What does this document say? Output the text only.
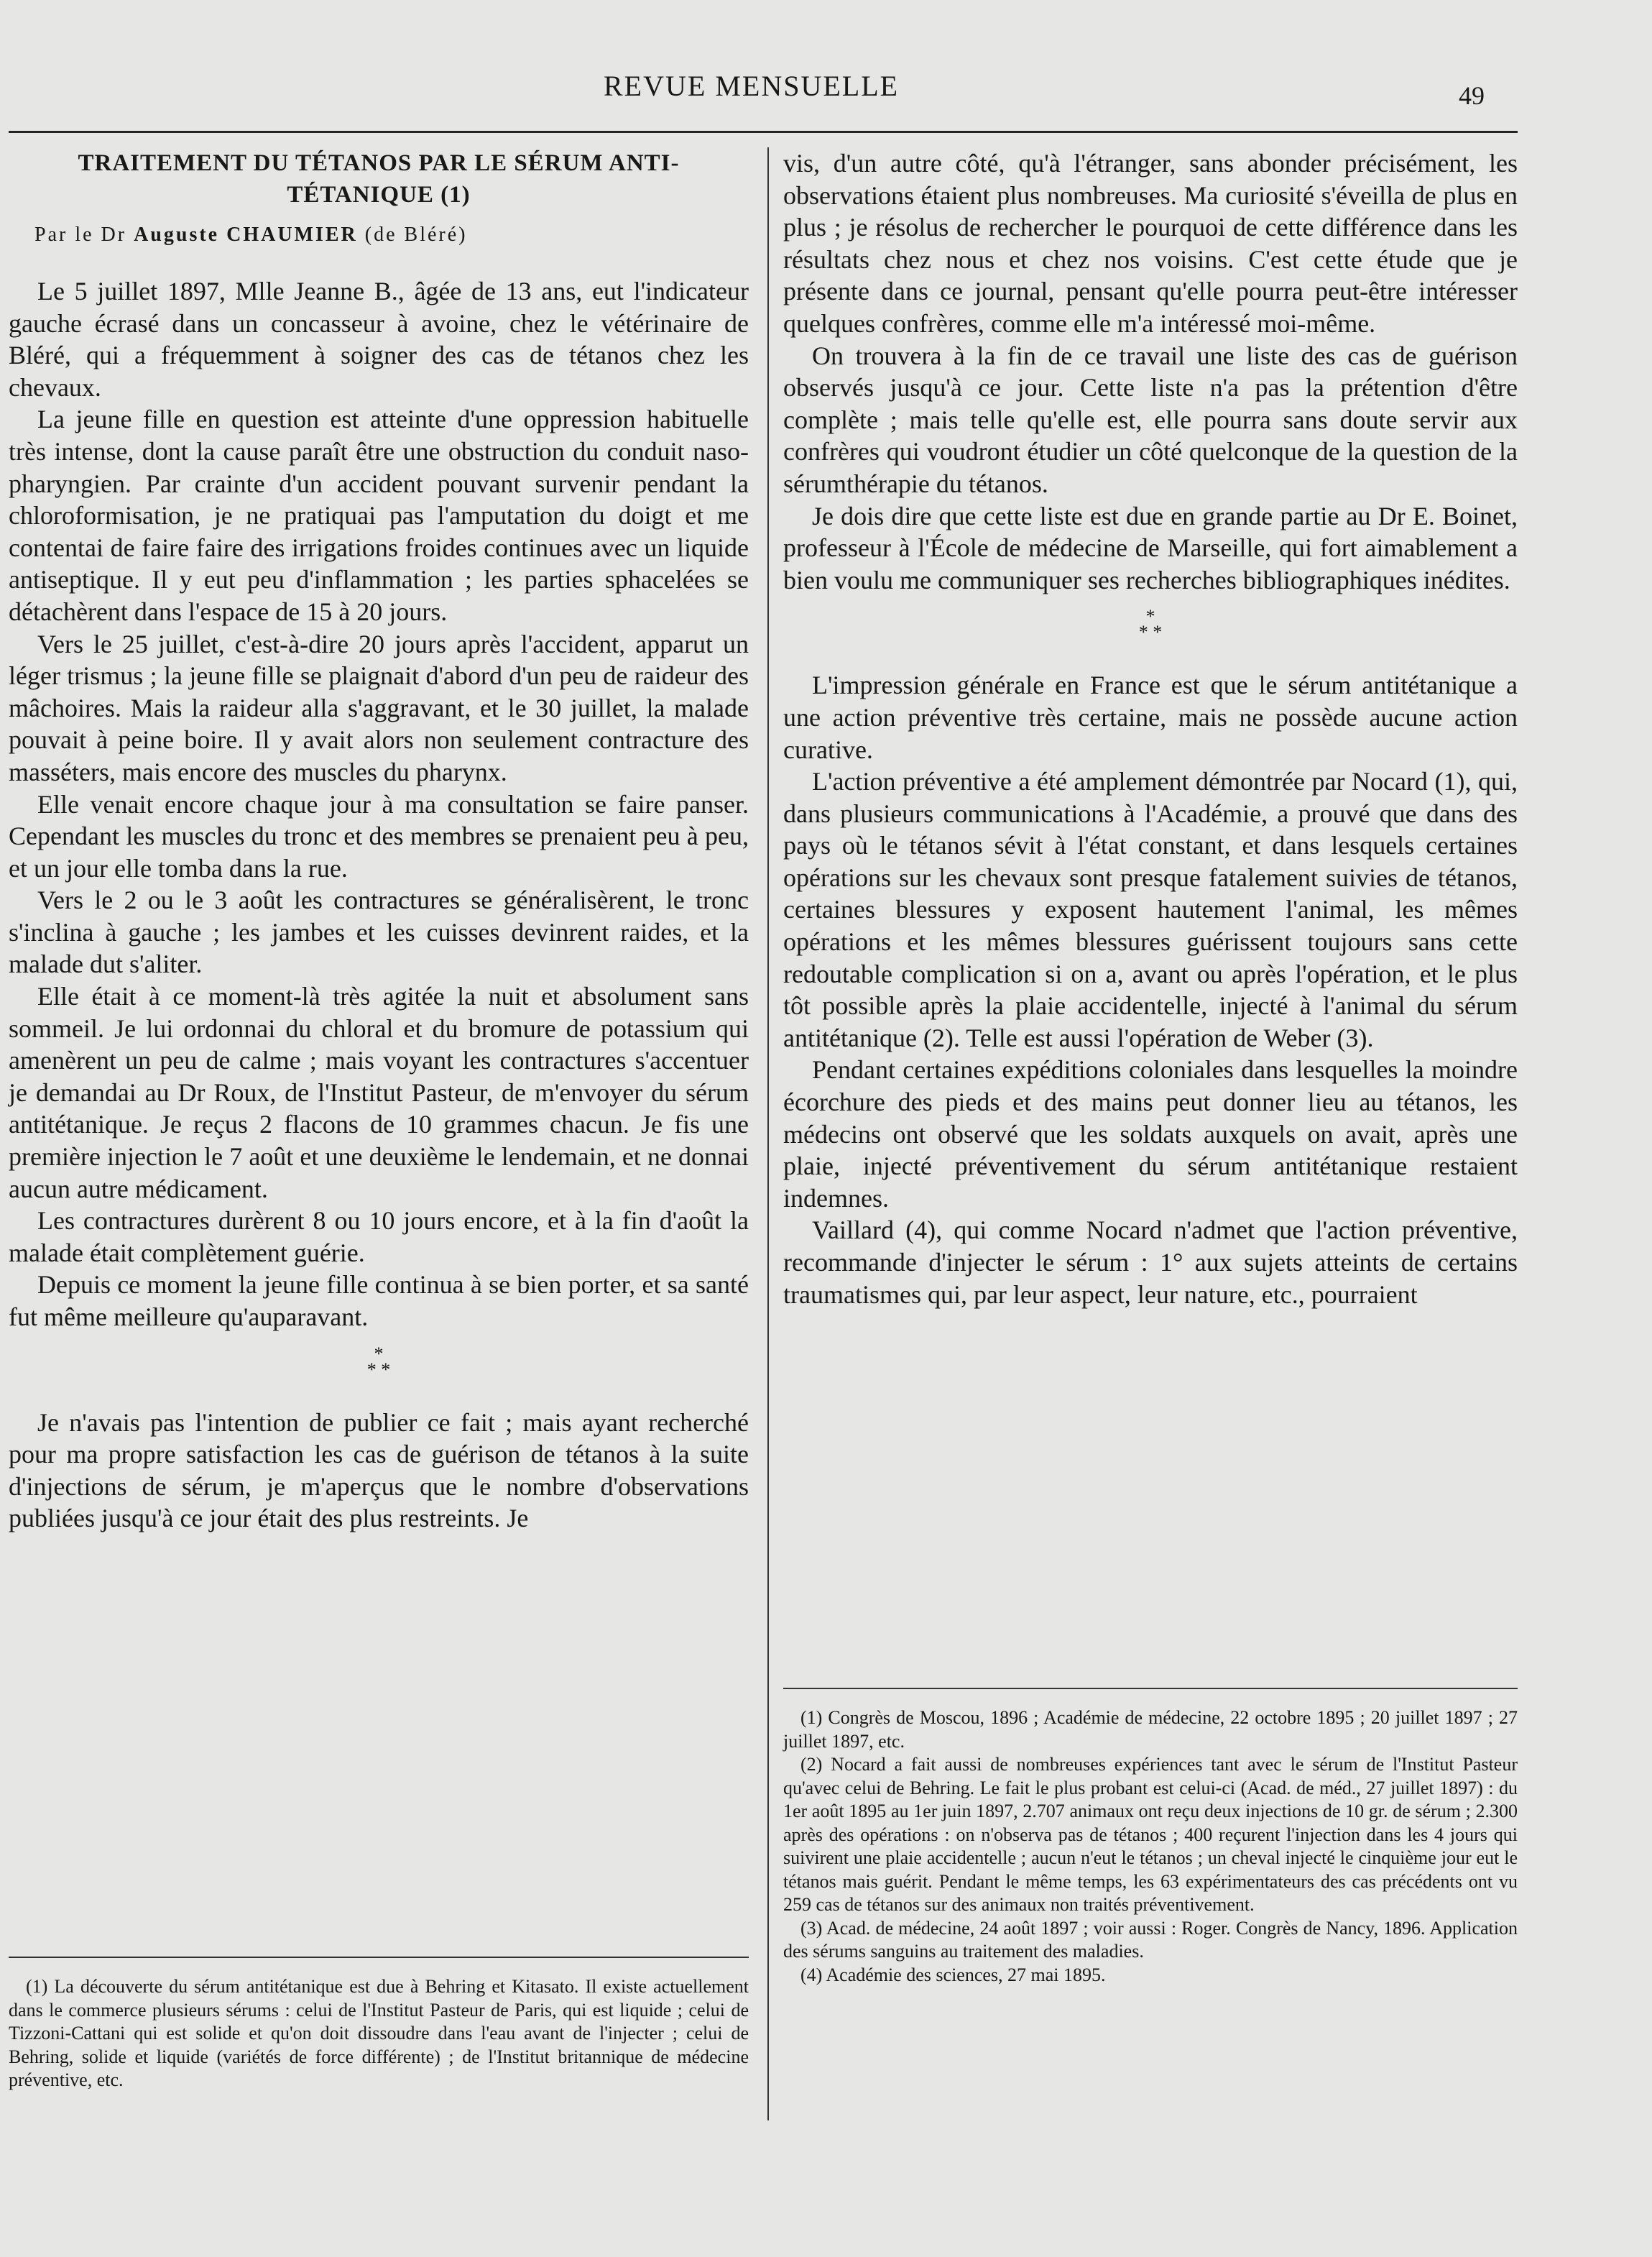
REVUE MENSUELLE	49
TRAITEMENT DU TÉTANOS PAR LE SÉRUM ANTI-TÉTANIQUE (1)
Par le Dr Auguste CHAUMIER (de Bléré)

Le 5 juillet 1897, Mlle Jeanne B., âgée de 13 ans, eut l'indicateur gauche écrasé dans un concasseur à avoine, chez le vétérinaire de Bléré, qui a fréquemment à soigner des cas de tétanos chez les chevaux.

La jeune fille en question est atteinte d'une oppression habituelle très intense, dont la cause paraît être une obstruction du conduit naso-pharyngien. Par crainte d'un accident pouvant survenir pendant la chloroformisation, je ne pratiquai pas l'amputation du doigt et me contentai de faire faire des irrigations froides continues avec un liquide antiseptique. Il y eut peu d'inflammation ; les parties sphacelées se détachèrent dans l'espace de 15 à 20 jours.

Vers le 25 juillet, c'est-à-dire 20 jours après l'accident, apparut un léger trismus ; la jeune fille se plaignait d'abord d'un peu de raideur des mâchoires. Mais la raideur alla s'aggravant, et le 30 juillet, la malade pouvait à peine boire. Il y avait alors non seulement contracture des masséters, mais encore des muscles du pharynx.

Elle venait encore chaque jour à ma consultation se faire panser. Cependant les muscles du tronc et des membres se prenaient peu à peu, et un jour elle tomba dans la rue.

Vers le 2 ou le 3 août les contractures se généralisèrent, le tronc s'inclina à gauche ; les jambes et les cuisses devinrent raides, et la malade dut s'aliter.

Elle était à ce moment-là très agitée la nuit et absolument sans sommeil. Je lui ordonnai du chloral et du bromure de potassium qui amenèrent un peu de calme ; mais voyant les contractures s'accentuer je demandai au Dr Roux, de l'Institut Pasteur, de m'envoyer du sérum antitétanique. Je reçus 2 flacons de 10 grammes chacun. Je fis une première injection le 7 août et une deuxième le lendemain, et ne donnai aucun autre médicament.

Les contractures durèrent 8 ou 10 jours encore, et à la fin d'août la malade était complètement guérie.

Depuis ce moment la jeune fille continua à se bien porter, et sa santé fut même meilleure qu'auparavant.

*
* *

Je n'avais pas l'intention de publier ce fait ; mais ayant recherché pour ma propre satisfaction les cas de guérison de tétanos à la suite d'injections de sérum, je m'aperçus que le nombre d'observations publiées jusqu'à ce jour était des plus restreints. Je

(1) La découverte du sérum antitétanique est due à Behring et Kitasato. Il existe actuellement dans le commerce plusieurs sérums : celui de l'Institut Pasteur de Paris, qui est liquide ; celui de Tizzoni-Cattani qui est solide et qu'on doit dissoudre dans l'eau avant de l'injecter ; celui de Behring, solide et liquide (variétés de force différente) ; de l'Institut britannique de médecine préventive, etc.

vis, d'un autre côté, qu'à l'étranger, sans abonder précisément, les observations étaient plus nombreuses. Ma curiosité s'éveilla de plus en plus ; je résolus de rechercher le pourquoi de cette différence dans les résultats chez nous et chez nos voisins. C'est cette étude que je présente dans ce journal, pensant qu'elle pourra peut-être intéresser quelques confrères, comme elle m'a intéressé moi-même.

On trouvera à la fin de ce travail une liste des cas de guérison observés jusqu'à ce jour. Cette liste n'a pas la prétention d'être complète ; mais telle qu'elle est, elle pourra sans doute servir aux confrères qui voudront étudier un côté quelconque de la question de la sérumthérapie du tétanos.

Je dois dire que cette liste est due en grande partie au Dr E. Boinet, professeur à l'École de médecine de Marseille, qui fort aimablement a bien voulu me communiquer ses recherches bibliographiques inédites.

*
* *

L'impression générale en France est que le sérum antitétanique a une action préventive très certaine, mais ne possède aucune action curative.

L'action préventive a été amplement démontrée par Nocard (1), qui, dans plusieurs communications à l'Académie, a prouvé que dans des pays où le tétanos sévit à l'état constant, et dans lesquels certaines opérations sur les chevaux sont presque fatalement suivies de tétanos, certaines blessures y exposent hautement l'animal, les mêmes opérations et les mêmes blessures guérissent toujours sans cette redoutable complication si on a, avant ou après l'opération, et le plus tôt possible après la plaie accidentelle, injecté à l'animal du sérum antitétanique (2). Telle est aussi l'opération de Weber (3).

Pendant certaines expéditions coloniales dans lesquelles la moindre écorchure des pieds et des mains peut donner lieu au tétanos, les médecins ont observé que les soldats auxquels on avait, après une plaie, injecté préventivement du sérum antitétanique restaient indemnes.

Vaillard (4), qui comme Nocard n'admet que l'action préventive, recommande d'injecter le sérum : 1° aux sujets atteints de certains traumatismes qui, par leur aspect, leur nature, etc., pourraient

(1) Congrès de Moscou, 1896 ; Académie de médecine, 22 octobre 1895 ; 20 juillet 1897 ; 27 juillet 1897, etc.

(2) Nocard a fait aussi de nombreuses expériences tant avec le sérum de l'Institut Pasteur qu'avec celui de Behring. Le fait le plus probant est celui-ci (Acad. de méd., 27 juillet 1897) : du 1er août 1895 au 1er juin 1897, 2.707 animaux ont reçu deux injections de 10 gr. de sérum ; 2.300 après des opérations : on n'observa pas de tétanos ; 400 reçurent l'injection dans les 4 jours qui suivirent une plaie accidentelle ; aucun n'eut le tétanos ; un cheval injecté le cinquième jour eut le tétanos mais guérit. Pendant le même temps, les 63 expérimentateurs des cas précédents ont vu 259 cas de tétanos sur des animaux non traités préventivement.

(3) Acad. de médecine, 24 août 1897 ; voir aussi : Roger. Congrès de Nancy, 1896. Application des sérums sanguins au traitement des maladies.

(4) Académie des sciences, 27 mai 1895.
